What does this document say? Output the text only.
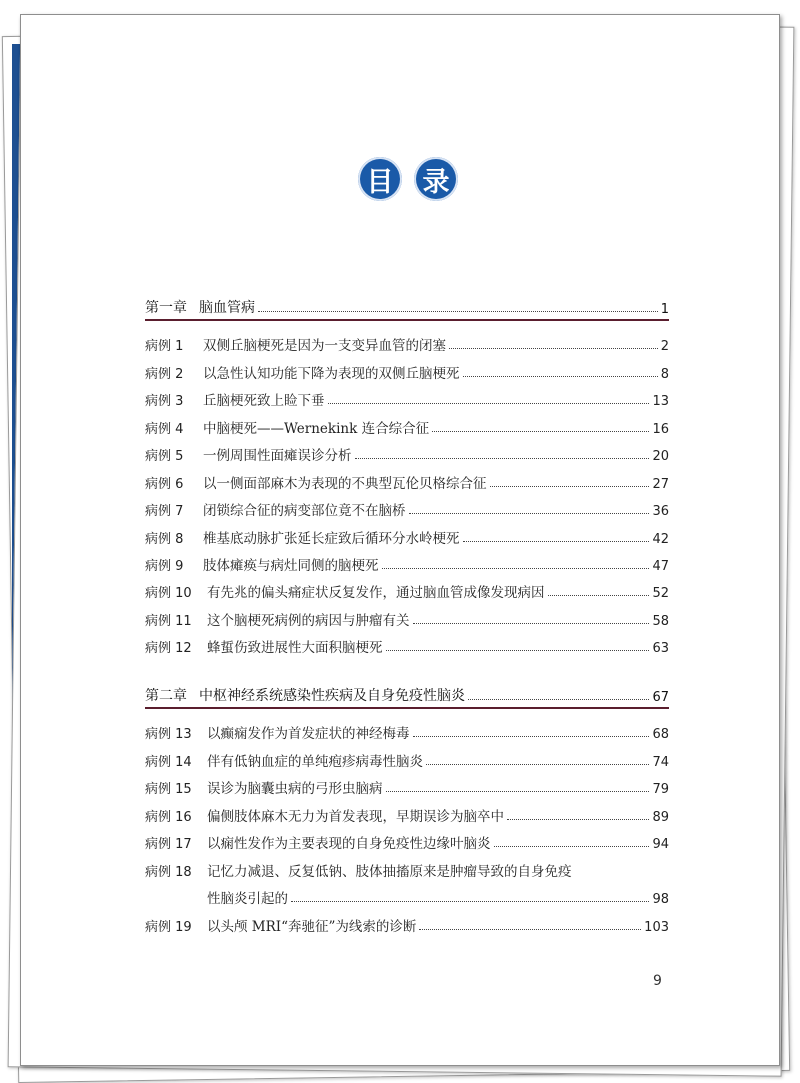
目	录
第一章 脑血管病	1
病例 1	双侧丘脑梗死是因为一支变异血管的闭塞	2
病例 2	以急性认知功能下降为表现的双侧丘脑梗死	8
病例 3	丘脑梗死致上睑下垂	13
病例 4	中脑梗死——Wernekink 连合综合征	16
病例 5	一例周围性面瘫误诊分析	20
病例 6	以一侧面部麻木为表现的不典型瓦伦贝格综合征	27
病例 7	闭锁综合征的病变部位竟不在脑桥	36
病例 8	椎基底动脉扩张延长症致后循环分水岭梗死	42
病例 9	肢体瘫痪与病灶同侧的脑梗死	47
病例 10	有先兆的偏头痛症状反复发作，通过脑血管成像发现病因	52
病例 11	这个脑梗死病例的病因与肿瘤有关	58
病例 12	蜂蜇伤致进展性大面积脑梗死	63
第二章 中枢神经系统感染性疾病及自身免疫性脑炎	67
病例 13	以癫痫发作为首发症状的神经梅毒	68
病例 14	伴有低钠血症的单纯疱疹病毒性脑炎	74
病例 15	误诊为脑囊虫病的弓形虫脑病	79
病例 16	偏侧肢体麻木无力为首发表现，早期误诊为脑卒中	89
病例 17	以痫性发作为主要表现的自身免疫性边缘叶脑炎	94
病例 18	记忆力减退、反复低钠、肢体抽搐原来是肿瘤导致的自身免疫
性脑炎引起的	98
病例 19	以头颅 MRI“奔驰征”为线索的诊断	103
9
